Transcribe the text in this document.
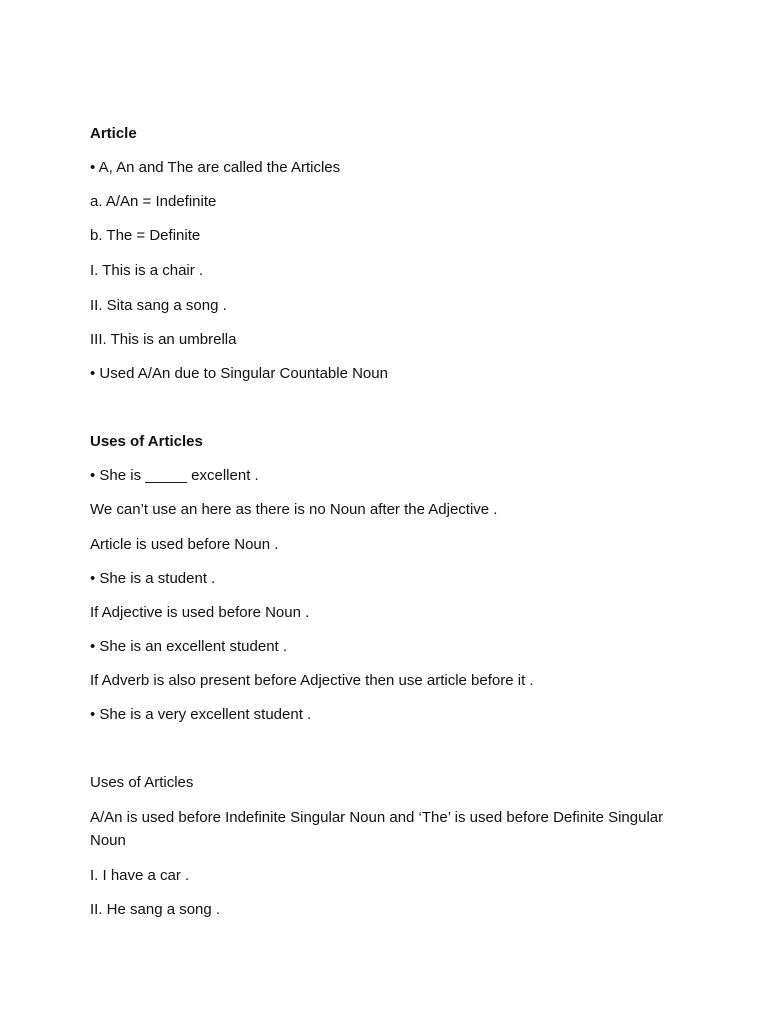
Article
• A, An and The are called the Articles
a. A/An = Indefinite
b. The = Definite
I. This is a chair .
II. Sita sang a song .
III. This is an umbrella
• Used A/An due to Singular Countable Noun
Uses of Articles
• She is _____ excellent .
We can’t use an here as there is no Noun after the Adjective .
Article is used before Noun .
• She is a student .
If Adjective is used before Noun .
• She is an excellent student .
If Adverb is also present before Adjective then use article before it .
• She is a very excellent student .
Uses of Articles
A/An is used before Indefinite Singular Noun and ‘The’ is used before Definite Singular Noun
I. I have a car .
II. He sang a song .
